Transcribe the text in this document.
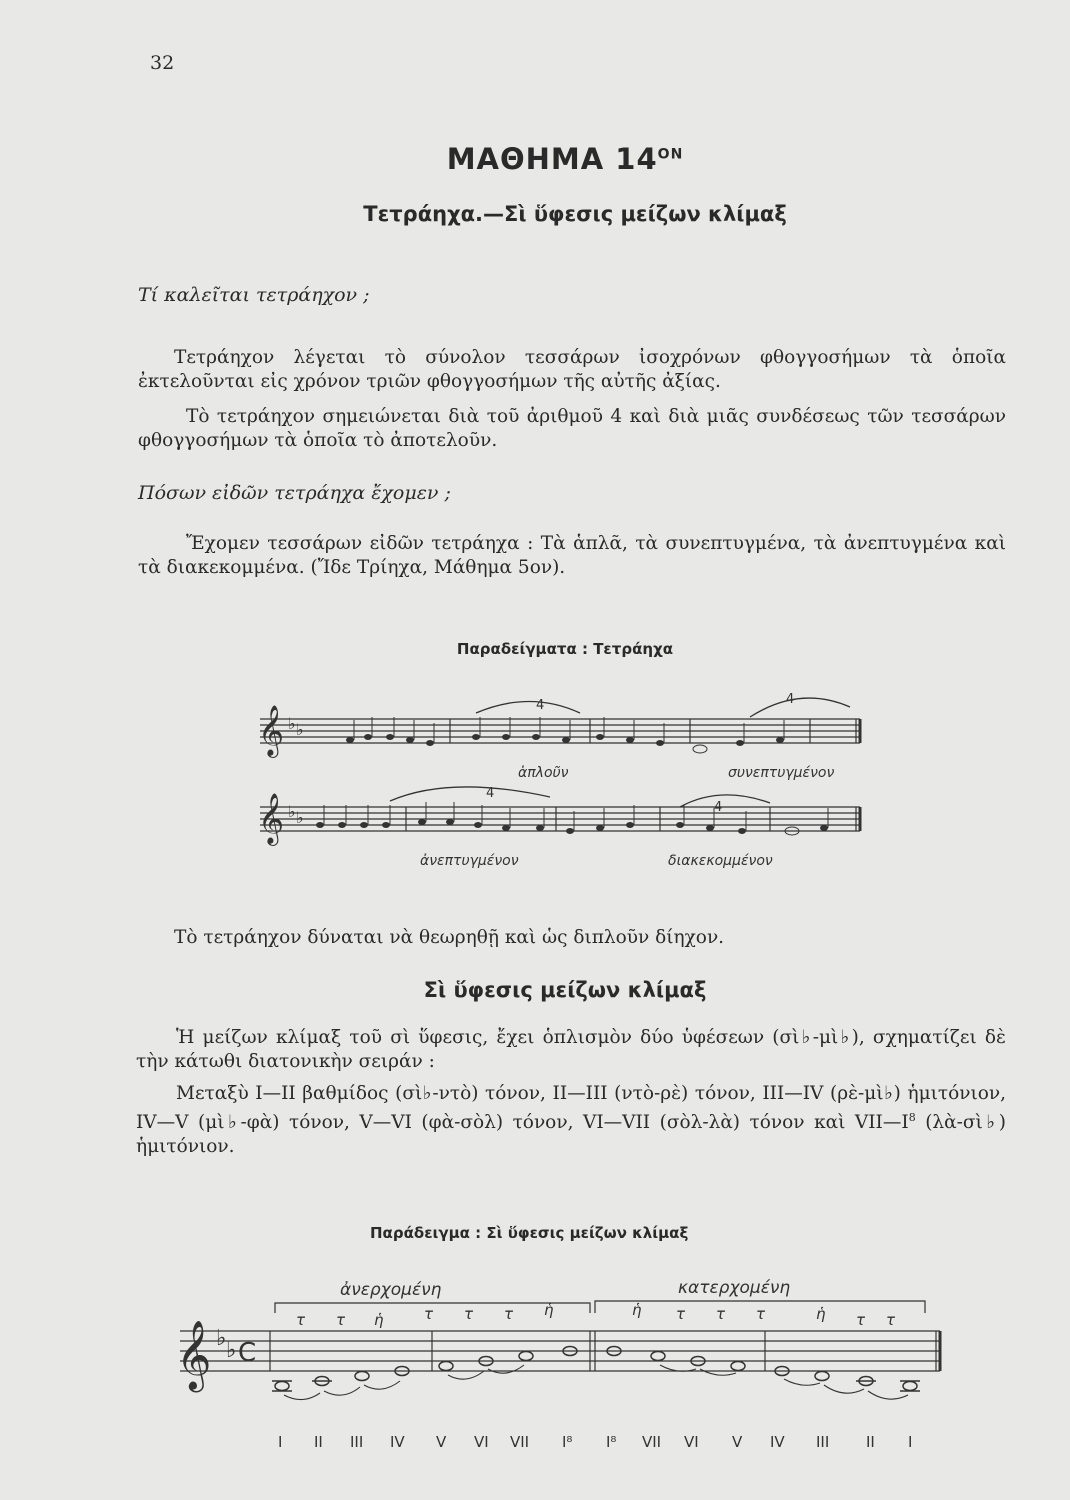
32
ΜΑΘΗΜΑ $14^{ON}$
Τετράηχα.—Σὶ ὕφεσις μείζων κλίμαξ
Τί καλεῖται τετράηχον ;
Τετράηχον λέγεται τὸ σύνολον τεσσάρων ἰσοχρόνων φθογγοσήμων τὰ ὁποῖα ἐκτελοῦνται εἰς χρόνον τριῶν φθογγοσήμων τῆς αὐτῆς ἀξίας.
Τὸ τετράηχον σημειώνεται διὰ τοῦ ἀριθμοῦ 4 καὶ διὰ μιᾶς συνδέσεως τῶν τεσσάρων φθογγοσήμων τὰ ὁποῖα τὸ ἀποτελοῦν.
Πόσων εἰδῶν τετράηχα ἔχομεν ;
Ἔχομεν τεσσάρων εἰδῶν τετράηχα : Τὰ ἁπλᾶ, τὰ συνεπτυγμένα, τὰ ἀνεπτυγμένα καὶ τὰ διακεκομμένα. (Ἴδε Τρίηχα, Μάθημα 5ον).
Παραδείγματα : Τετράηχα
𝄞 ♭ ♭
4	4
ἁπλοῦν	συνεπτυγμένον
𝄞 ♭ ♭
4
4
ἀνεπτυγμένον	διακεκομμένον
Τὸ τετράηχον δύναται νὰ θεωρηθῇ καὶ ὡς διπλοῦν δίηχον.
Σὶ ὕφεσις μείζων κλίμαξ
Ἡ μείζων κλίμαξ τοῦ σὶ ὕφεσις, ἔχει ὁπλισμὸν δύο ὑφέσεων (σὶ♭-μὶ♭), σχηματίζει δὲ τὴν κάτωθι διατονικὴν σειράν :
Μεταξὺ I—II βαθμίδος (σὶ♭-ντὸ) τόνον, II—III (ντὸ-ρὲ) τόνον, III—IV (ρὲ-μὶ♭) ἡμιτόνιον, IV—V (μὶ♭-φὰ) τόνον, V—VI (φὰ-σὸλ) τόνον, VI—VII (σὸλ-λὰ) τόνον καὶ $VII—I^8$ (λὰ-σὶ♭) ἡμιτόνιον.
Παράδειγμα : Σὶ ὕφεσις μείζων κλίμαξ
ἀνερχομένη	κατερχομένη
τ τ ἡ	τ τ τ ἡ	ἡ τ τ τ	ἡ τ τ
𝄞 ♭ ♭ C
I II III IV V VI VII I⁸ I⁸ VII VI V IV III II I
